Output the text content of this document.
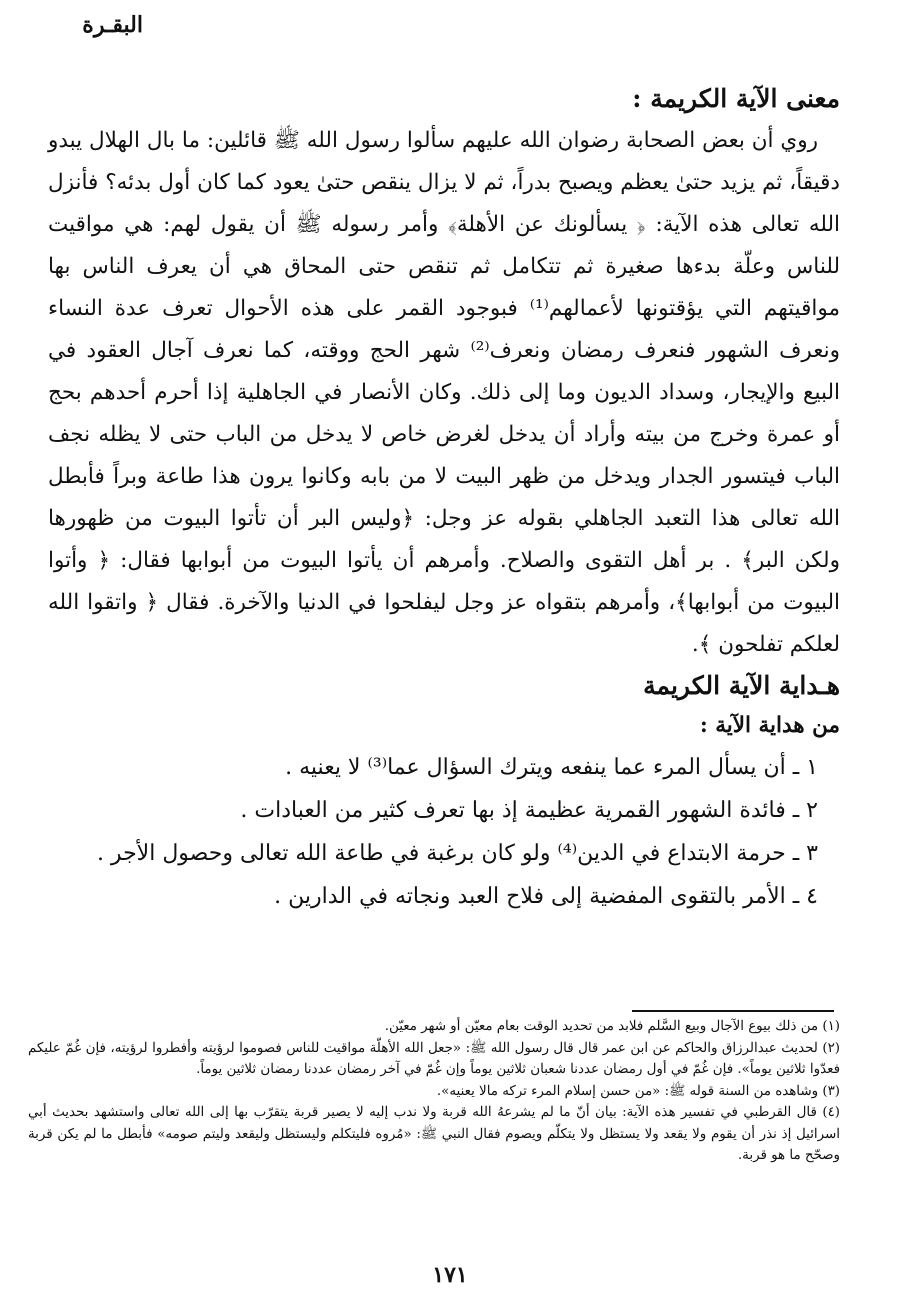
البقـرة
معنى الآية الكريمة :

روي أن بعض الصحابة رضوان الله عليهم سألوا رسول الله ﷺ قائلين: ما بال الهلال يبدو دقيقاً، ثم يزيد حتىٰ يعظم ويصبح بدراً، ثم لا يزال ينقص حتىٰ يعود كما كان أول بدئه؟ فأنزل الله تعالى هذه الآية: ﴿ يسألونك عن الأهلة﴾ وأمر رسوله ﷺ أن يقول لهم: هي مواقيت للناس وعلّة بدءها صغيرة ثم تتكامل ثم تنقص حتى المحاق هي أن يعرف الناس بها مواقيتهم التي يؤقتونها لأعمالهم⁽¹⁾ فبوجود القمر على هذه الأحوال تعرف عدة النساء ونعرف الشهور فنعرف رمضان ونعرف⁽²⁾ شهر الحج ووقته، كما نعرف آجال العقود في البيع والإيجار، وسداد الديون وما إلى ذلك. وكان الأنصار في الجاهلية إذا أحرم أحدهم بحج أو عمرة وخرج من بيته وأراد أن يدخل لغرض خاص لا يدخل من الباب حتى لا يظله نجف الباب فيتسور الجدار ويدخل من ظهر البيت لا من بابه وكانوا يرون هذا طاعة وبراً فأبطل الله تعالى هذا التعبد الجاهلي بقوله عز وجل: ﴿وليس البر أن تأتوا البيوت من ظهورها ولكن البر﴾ . بر أهل التقوى والصلاح. وأمرهم أن يأتوا البيوت من أبوابها فقال: ﴿ وأتوا البيوت من أبوابها﴾، وأمرهم بتقواه عز وجل ليفلحوا في الدنيا والآخرة. فقال ﴿ واتقوا الله لعلكم تفلحون ﴾.

هـداية الآية الكريمة
من هداية الآية :
١ ـ أن يسأل المرء عما ينفعه ويترك السؤال عما⁽³⁾ لا يعنيه .
٢ ـ فائدة الشهور القمرية عظيمة إذ بها تعرف كثير من العبادات .
٣ ـ حرمة الابتداع في الدين⁽⁴⁾ ولو كان برغبة في طاعة الله تعالى وحصول الأجر .
٤ ـ الأمر بالتقوى المفضية إلى فلاح العبد ونجاته في الدارين .

(١) من ذلك بيوع الآجال وبيع السَّلم فلابد من تحديد الوقت بعام معيّن أو شهر معيّن.

(٢) لحديث عبدالرزاق والحاكم عن ابن عمر قال قال رسول الله ﷺ: «جعل الله الأهلّة مواقيت للناس فصوموا لرؤيته وأفطروا لرؤيته، فإن غُمّ عليكم فعدّوا ثلاثين يوماً». فإن غُمّ في أول رمضان عددنا شعبان ثلاثين يوماً وإن غُمّ في آخر رمضان عددنا رمضان ثلاثين يوماً.

(٣) وشاهده من السنة قوله ﷺ: «من حسن إسلام المرء تركه مالا يعنيه».

(٤) قال القرطبي في تفسير هذه الآية: بيان أنّ ما لم يشرعهُ الله قربة ولا ندب إليه لا يصير قربة يتقرّب بها إلى الله تعالى واستشهد بحديث أبي اسرائيل إذ نذر أن يقوم ولا يقعد ولا يستظل ولا يتكلّم ويصوم فقال النبي ﷺ: «مُروه فليتكلم وليستظل وليقعد وليتم صومه» فأبطل ما لم يكن قربة وصحّح ما هو قربة.

١٧١
